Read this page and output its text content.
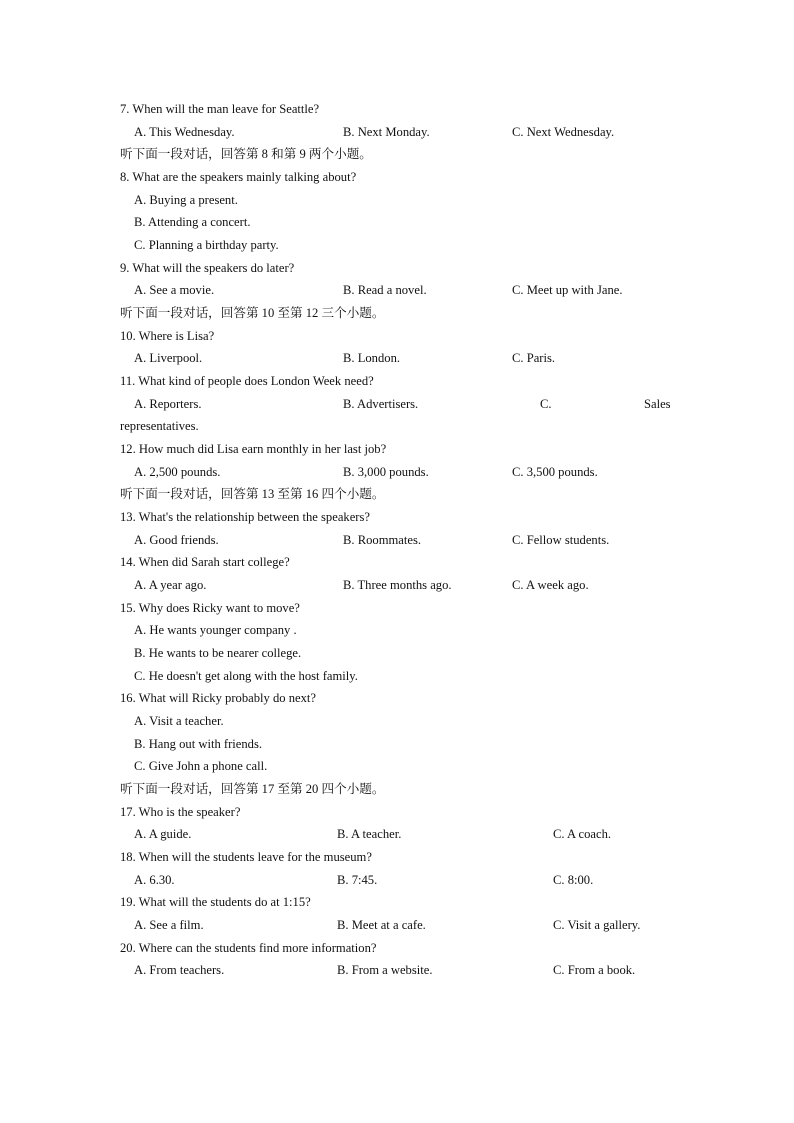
7. When will the man leave for Seattle?
A. This Wednesday.	B. Next Monday.	C. Next Wednesday.
听下面一段对话，回答第 8 和第 9 两个小题。
8. What are the speakers mainly talking about?
A. Buying a present.
B. Attending a concert.
C. Planning a birthday party.
9. What will the speakers do later?
A. See a movie.	B. Read a novel.	C. Meet up with Jane.
听下面一段对话，回答第 10 至第 12 三个小题。
10. Where is Lisa?
A. Liverpool.	B. London.	C. Paris.
11. What kind of people does London Week need?
A. Reporters.	B. Advertisers.	C.	Sales
representatives.
12. How much did Lisa earn monthly in her last job?
A. 2,500 pounds.	B. 3,000 pounds.	C. 3,500 pounds.
听下面一段对话，回答第 13 至第 16 四个小题。
13. What's the relationship between the speakers?
A. Good friends.	B. Roommates.	C. Fellow students.
14. When did Sarah start college?
A. A year ago.	B. Three months ago.	C. A week ago.
15. Why does Ricky want to move?
A. He wants younger company .
B. He wants to be nearer college.
C. He doesn't get along with the host family.
16. What will Ricky probably do next?
A. Visit a teacher.
B. Hang out with friends.
C. Give John a phone call.
听下面一段对话，回答第 17 至第 20 四个小题。
17. Who is the speaker?
A. A guide.	B. A teacher.	C. A coach.
18. When will the students leave for the museum?
A. 6.30.	B. 7:45.	C. 8:00.
19. What will the students do at 1:15?
A. See a film.	B. Meet at a cafe.	C. Visit a gallery.
20. Where can the students find more information?
A. From teachers.	B. From a website.	C. From a book.
